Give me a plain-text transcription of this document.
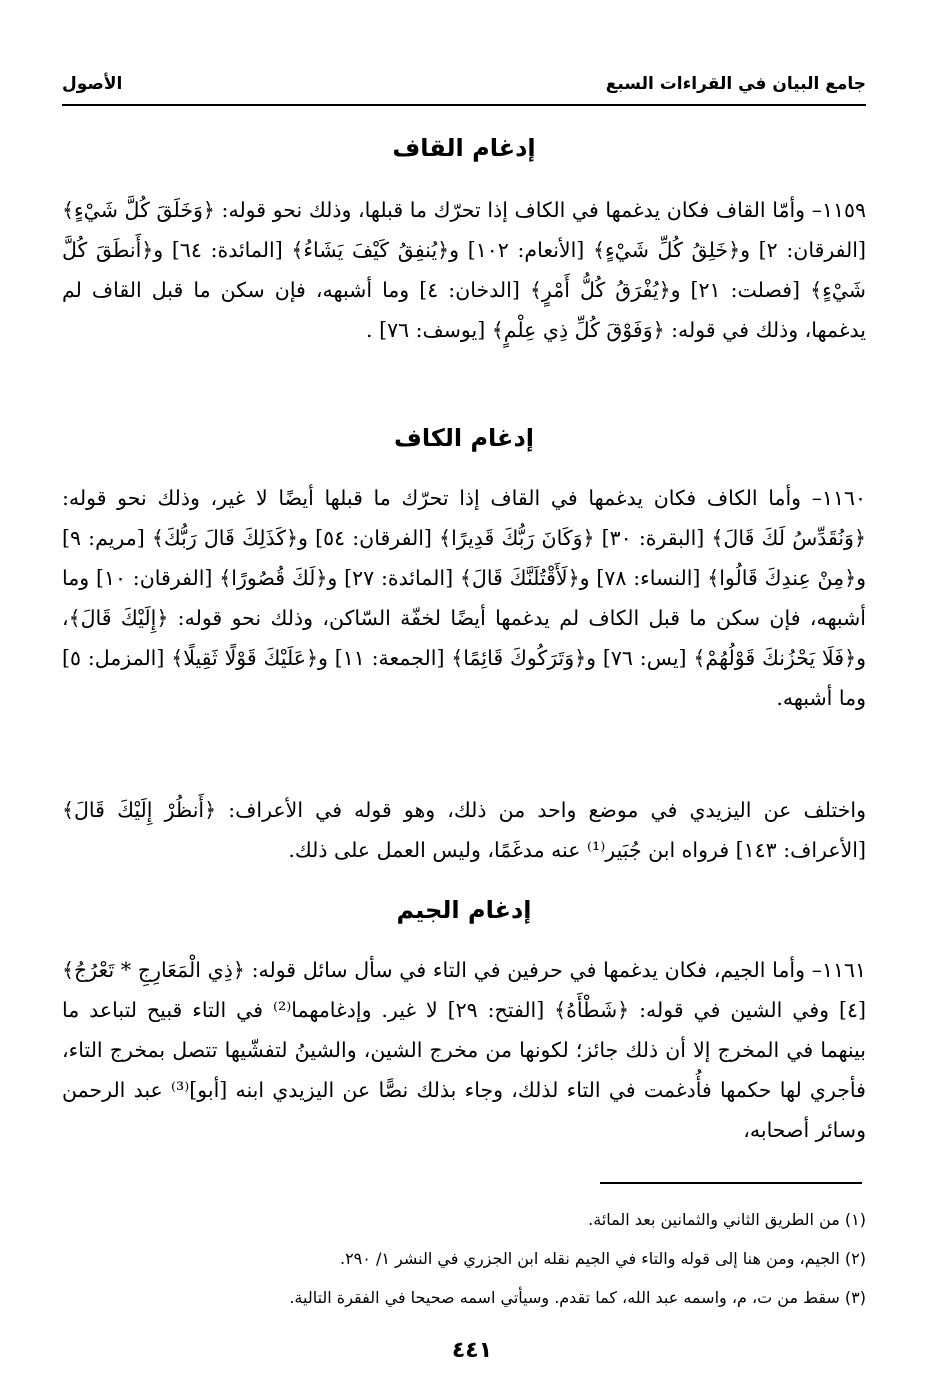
جامع البيان في القراءات السبع
الأصول
إدغام القاف
١١٥٩– وأمّا القاف فكان يدغمها في الكاف إذا تحرّك ما قبلها، وذلك نحو قوله: ﴿وَخَلَقَ كُلَّ شَيْءٍ﴾ [الفرقان: ٢] و﴿خَلِقُ كُلِّ شَيْءٍ﴾ [الأنعام: ١٠٢] و﴿يُنفِقُ كَيْفَ يَشَاءُ﴾ [المائدة: ٦٤] و﴿أَنطَقَ كُلَّ شَيْءٍ﴾ [فصلت: ٢١] و﴿يُفْرَقُ كُلُّ أَمْرٍ﴾ [الدخان: ٤] وما أشبهه، فإن سكن ما قبل القاف لم يدغمها، وذلك في قوله: ﴿وَفَوْقَ كُلِّ ذِي عِلْمٍ﴾ [يوسف: ٧٦] .
إدغام الكاف
١١٦٠– وأما الكاف فكان يدغمها في القاف إذا تحرّك ما قبلها أيضًا لا غير، وذلك نحو قوله: ﴿وَنُقَدِّسُ لَكَ قَالَ﴾ [البقرة: ٣٠] ﴿وَكَانَ رَبُّكَ قَدِيرًا﴾ [الفرقان: ٥٤] و﴿كَذَلِكَ قَالَ رَبُّكَ﴾ [مريم: ٩] و﴿مِنْ عِندِكَ قَالُوا﴾ [النساء: ٧٨] و﴿لَأَقْتُلَنَّكَ قَالَ﴾ [المائدة: ٢٧] و﴿لَكَ قُصُورًا﴾ [الفرقان: ١٠] وما أشبهه، فإن سكن ما قبل الكاف لم يدغمها أيضًا لخفّة السّاكن، وذلك نحو قوله: ﴿إِلَيْكَ قَالَ﴾، و﴿فَلَا يَحْزُنكَ قَوْلُهُمْ﴾ [يس: ٧٦] و﴿وَتَرَكُوكَ قَائِمًا﴾ [الجمعة: ١١] و﴿عَلَيْكَ قَوْلًا ثَقِيلًا﴾ [المزمل: ٥] وما أشبهه.
واختلف عن اليزيدي في موضع واحد من ذلك، وهو قوله في الأعراف: ﴿أَنظُرْ إِلَيْكَ قَالَ﴾ [الأعراف: ١٤٣] فرواه ابن جُبَير⁽¹⁾ عنه مدغَمًا، وليس العمل على ذلك.
إدغام الجيم
١١٦١– وأما الجيم، فكان يدغمها في حرفين في التاء في سأل سائل قوله: ﴿ذِي الْمَعَارِجِ * تَعْرُجُ﴾ [٤] وفي الشين في قوله: ﴿شَطْأَهُ﴾ [الفتح: ٢٩] لا غير. وإدغامهما⁽²⁾ في التاء قبيح لتباعد ما بينهما في المخرج إلا أن ذلك جائز؛ لكونها من مخرج الشين، والشينُ لتفشّيها تتصل بمخرج التاء، فأجري لها حكمها فأُدغمت في التاء لذلك، وجاء بذلك نصًّا عن اليزيدي ابنه [أبو]⁽³⁾ عبد الرحمن وسائر أصحابه،
(١) من الطريق الثاني والثمانين بعد المائة.
(٢) الجيم، ومن هنا إلى قوله والتاء في الجيم نقله ابن الجزري في النشر ١/ ٢٩٠.
(٣) سقط من ت، م، واسمه عبد الله، كما تقدم. وسيأتي اسمه صحيحا في الفقرة التالية.
٤٤١
